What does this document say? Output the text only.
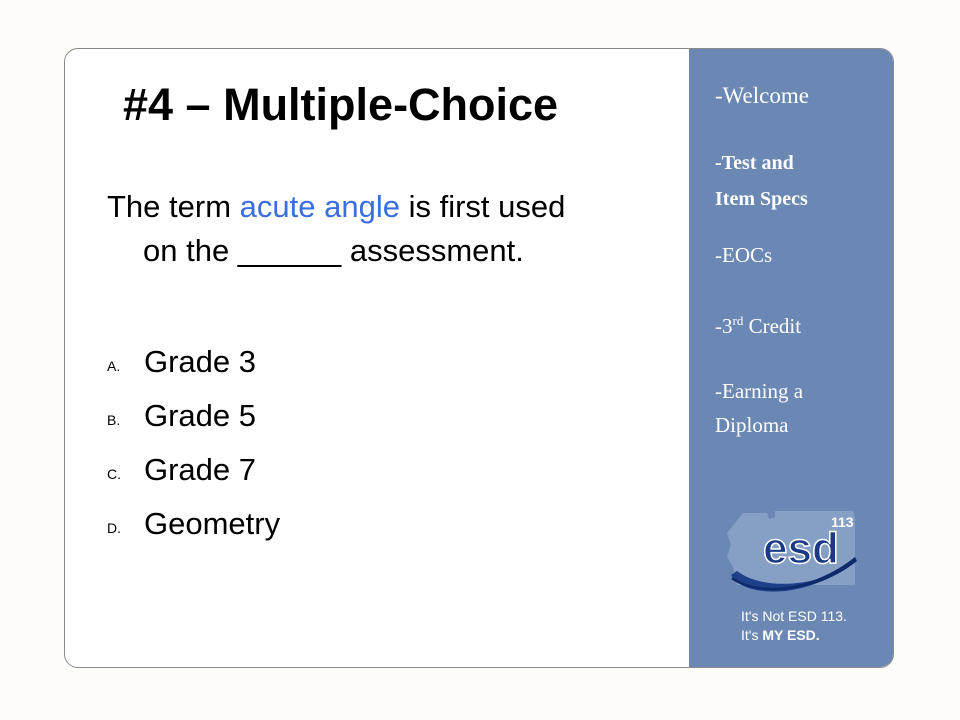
#4 – Multiple-Choice
The term acute angle is first used
on the ______ assessment.
A. Grade 3
B. Grade 5
C. Grade 7
D. Geometry
-Welcome
-Test and
Item Specs
-EOCs
-3rd Credit
-Earning a
Diploma
esd
113
It's Not ESD 113.
It's MY ESD.
